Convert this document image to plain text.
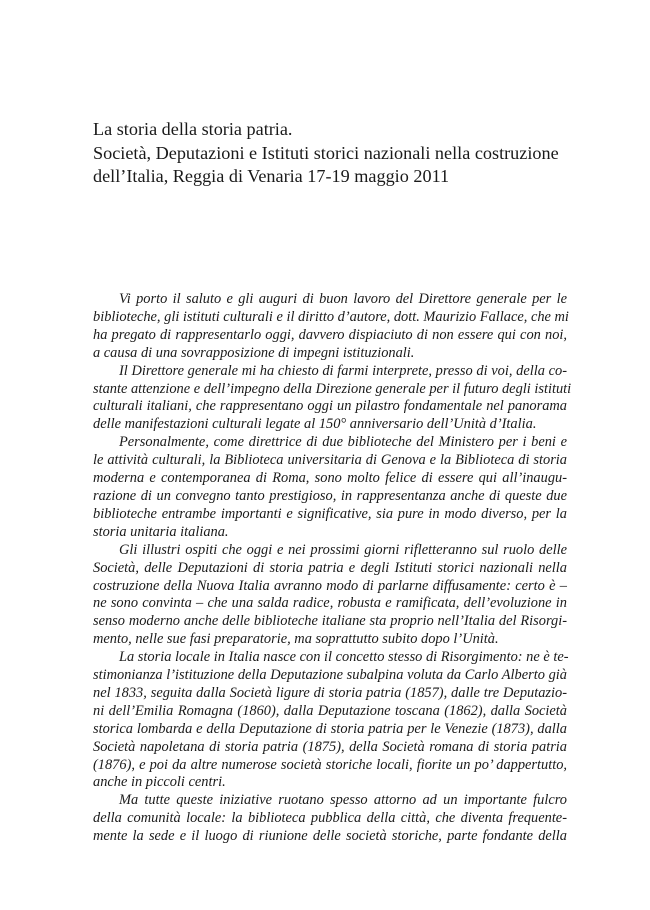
La storia della storia patria.
Società, Deputazioni e Istituti storici nazionali nella costruzione
dell’Italia, Reggia di Venaria 17-19 maggio 2011
Vi porto il saluto e gli auguri di buon lavoro del Direttore generale per le
biblioteche, gli istituti culturali e il diritto d’autore, dott. Maurizio Fallace, che mi
ha pregato di rappresentarlo oggi, davvero dispiaciuto di non essere qui con noi,
a causa di una sovrapposizione di impegni istituzionali.
Il Direttore generale mi ha chiesto di farmi interprete, presso di voi, della co-
stante attenzione e dell’impegno della Direzione generale per il futuro degli istituti
culturali italiani, che rappresentano oggi un pilastro fondamentale nel panorama
delle manifestazioni culturali legate al 150° anniversario dell’Unità d’Italia.
Personalmente, come direttrice di due biblioteche del Ministero per i beni e
le attività culturali, la Biblioteca universitaria di Genova e la Biblioteca di storia
moderna e contemporanea di Roma, sono molto felice di essere qui all’inaugu-
razione di un convegno tanto prestigioso, in rappresentanza anche di queste due
biblioteche entrambe importanti e significative, sia pure in modo diverso, per la
storia unitaria italiana.
Gli illustri ospiti che oggi e nei prossimi giorni rifletteranno sul ruolo delle
Società, delle Deputazioni di storia patria e degli Istituti storici nazionali nella
costruzione della Nuova Italia avranno modo di parlarne diffusamente: certo è –
ne sono convinta – che una salda radice, robusta e ramificata, dell’evoluzione in
senso moderno anche delle biblioteche italiane sta proprio nell’Italia del Risorgi-
mento, nelle sue fasi preparatorie, ma soprattutto subito dopo l’Unità.
La storia locale in Italia nasce con il concetto stesso di Risorgimento: ne è te-
stimonianza l’istituzione della Deputazione subalpina voluta da Carlo Alberto già
nel 1833, seguita dalla Società ligure di storia patria (1857), dalle tre Deputazio-
ni dell’Emilia Romagna (1860), dalla Deputazione toscana (1862), dalla Società
storica lombarda e della Deputazione di storia patria per le Venezie (1873), dalla
Società napoletana di storia patria (1875), della Società romana di storia patria
(1876), e poi da altre numerose società storiche locali, fiorite un po’ dappertutto,
anche in piccoli centri.
Ma tutte queste iniziative ruotano spesso attorno ad un importante fulcro
della comunità locale: la biblioteca pubblica della città, che diventa frequente-
mente la sede e il luogo di riunione delle società storiche, parte fondante della
